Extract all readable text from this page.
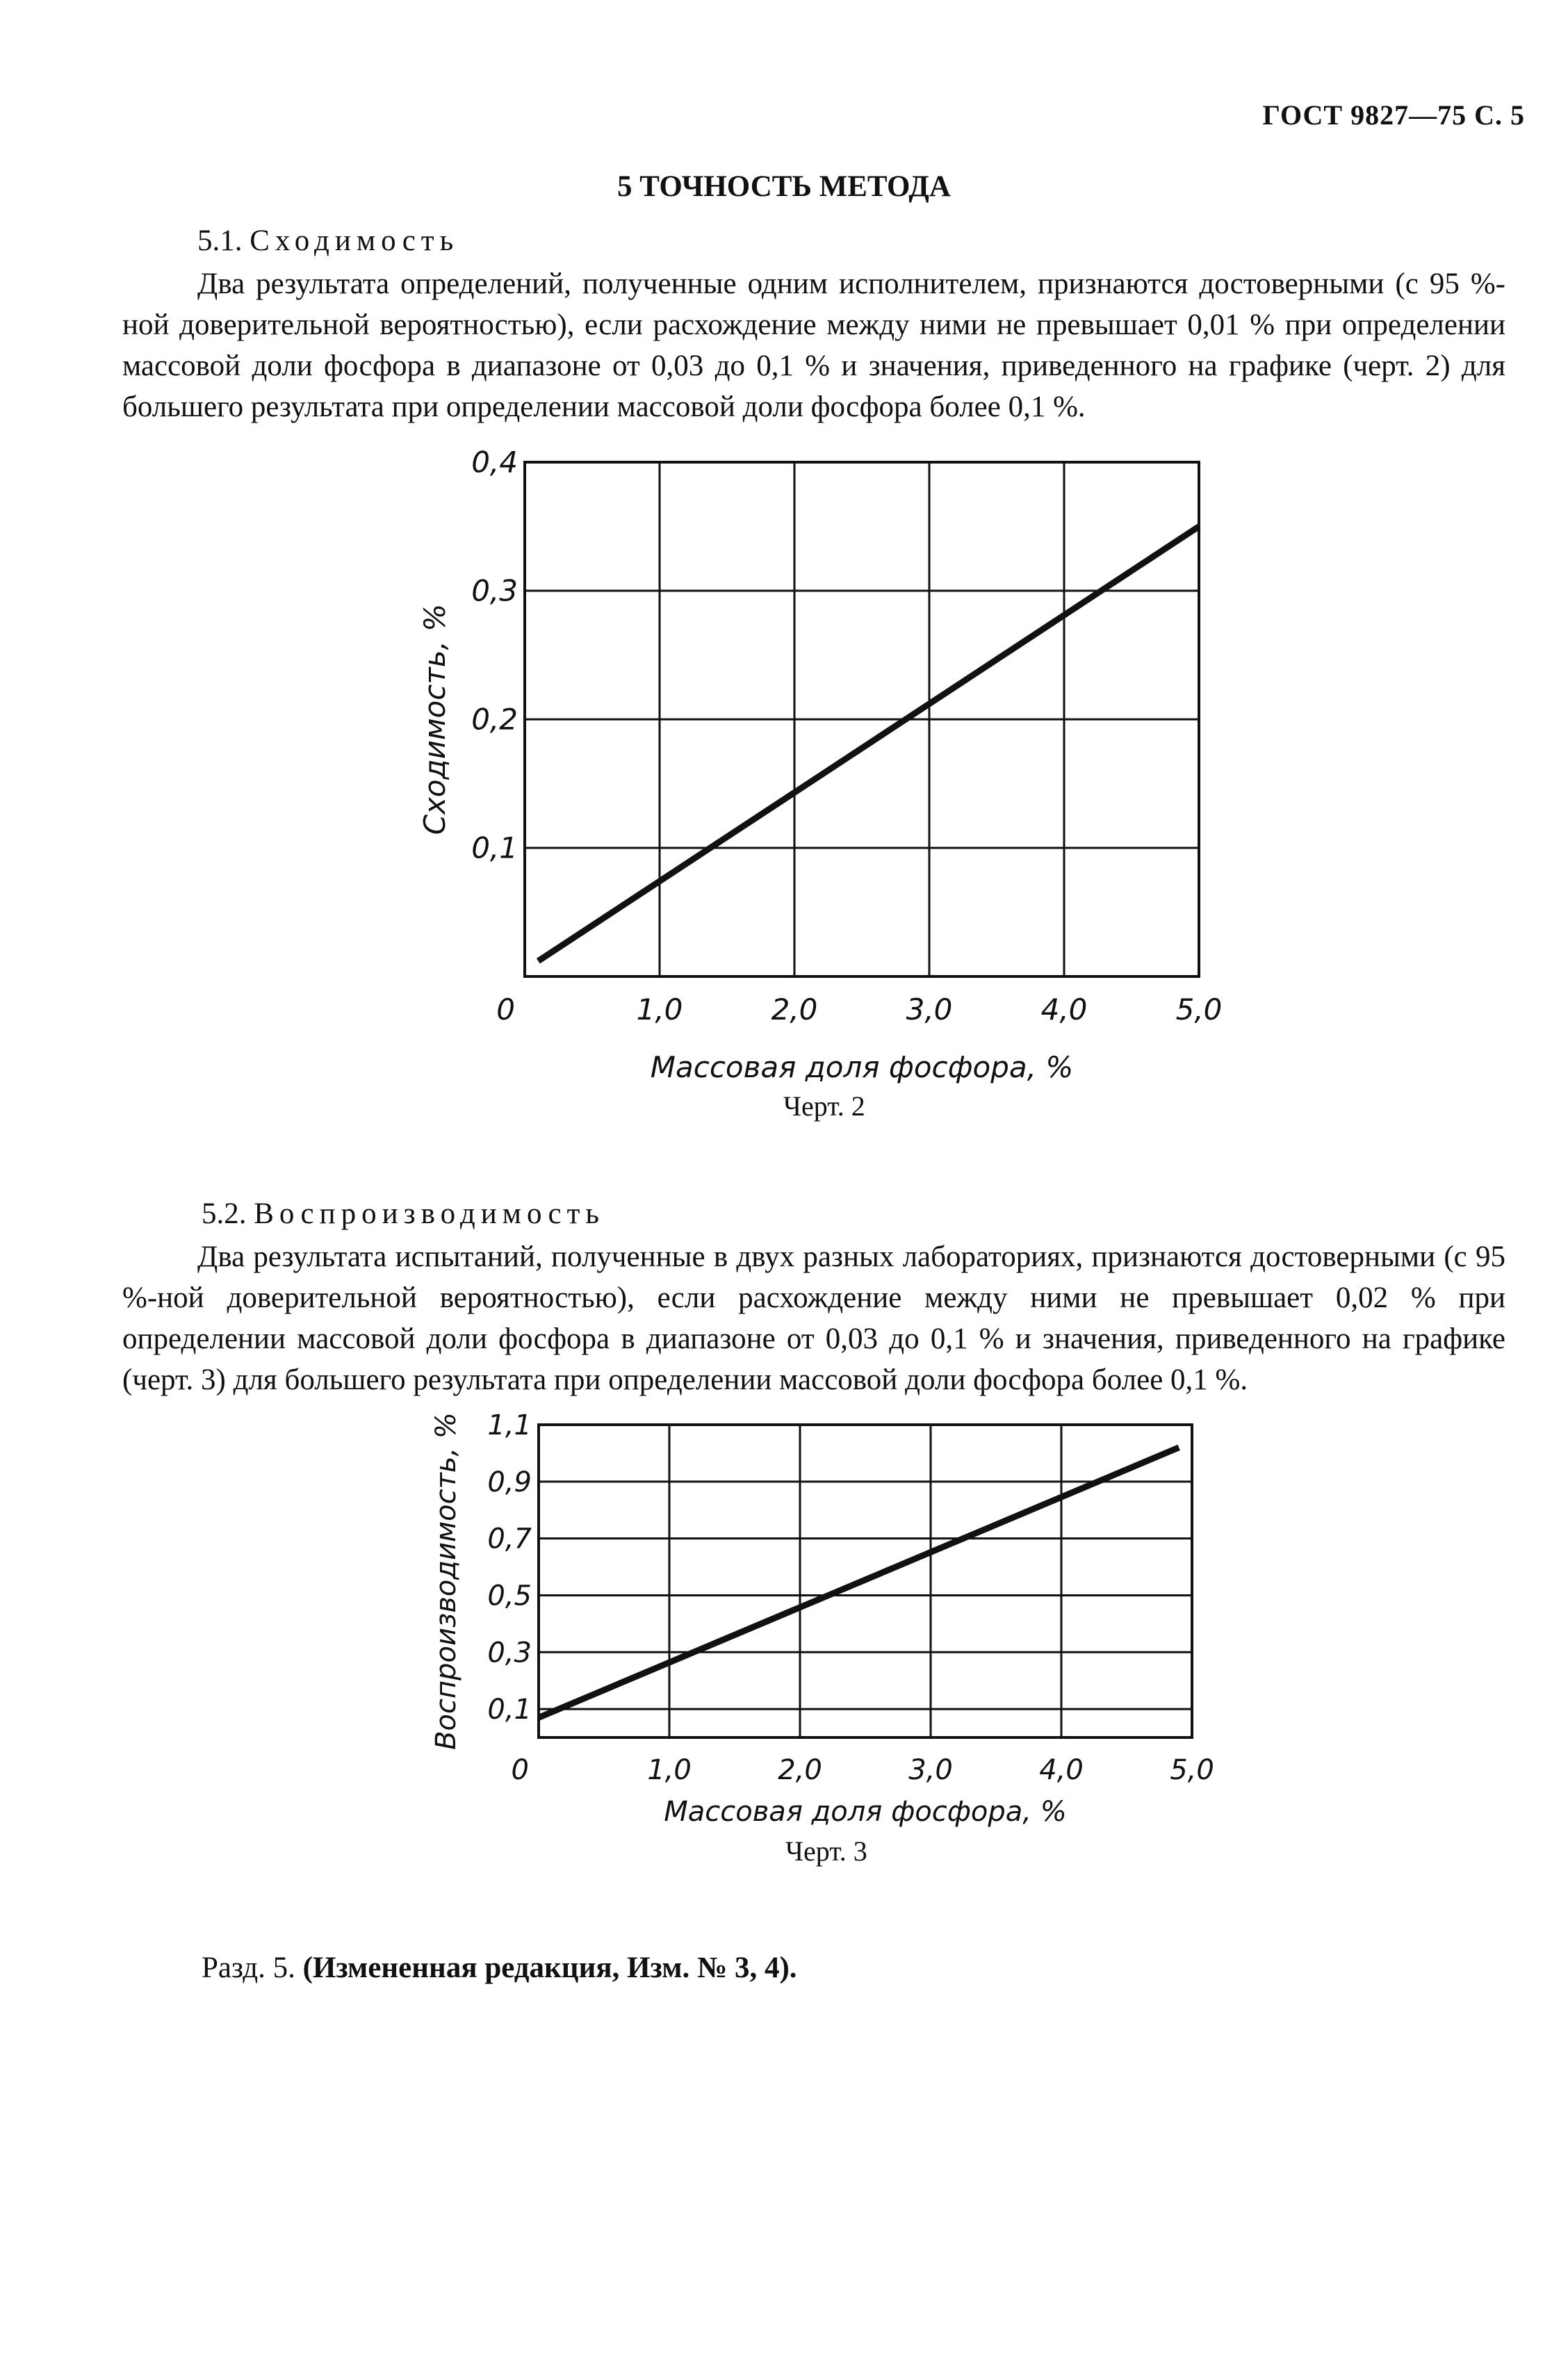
ГОСТ 9827—75 С. 5
5 ТОЧНОСТЬ МЕТОДА
5.1. Сходимость
Два результата определений, полученные одним исполнителем, признаются достоверными (с 95 %-ной доверительной вероятностью), если расхождение между ними не превышает 0,01 % при определении массовой доли фосфора в диапазоне от 0,03 до 0,1 % и значения, приведенного на графике (черт. 2) для большего результата при определении массовой доли фосфора более 0,1 %.
1,0	2,0	3,0	4,0	5,0
0,1
0,2
0,3
0,4
0
Массовая доля фосфора, %
Сходимость, %
Черт. 2
5.2. Воспроизводимость
Два результата испытаний, полученные в двух разных лабораториях, признаются достоверными (с 95 %-ной доверительной вероятностью), если расхождение между ними не превышает 0,02 % при определении массовой доли фосфора в диапазоне от 0,03 до 0,1 % и значения, приведенного на графике (черт. 3) для большего результата при определении массовой доли фосфора более 0,1 %.
1,0	2,0	3,0	4,0	5,0
0,1
0,3
0,5
0,7
0,9
1,1
0
Массовая доля фосфора, %
Воспроизводимость, %
Черт. 3
Разд. 5. (Измененная редакция, Изм. № 3, 4).
